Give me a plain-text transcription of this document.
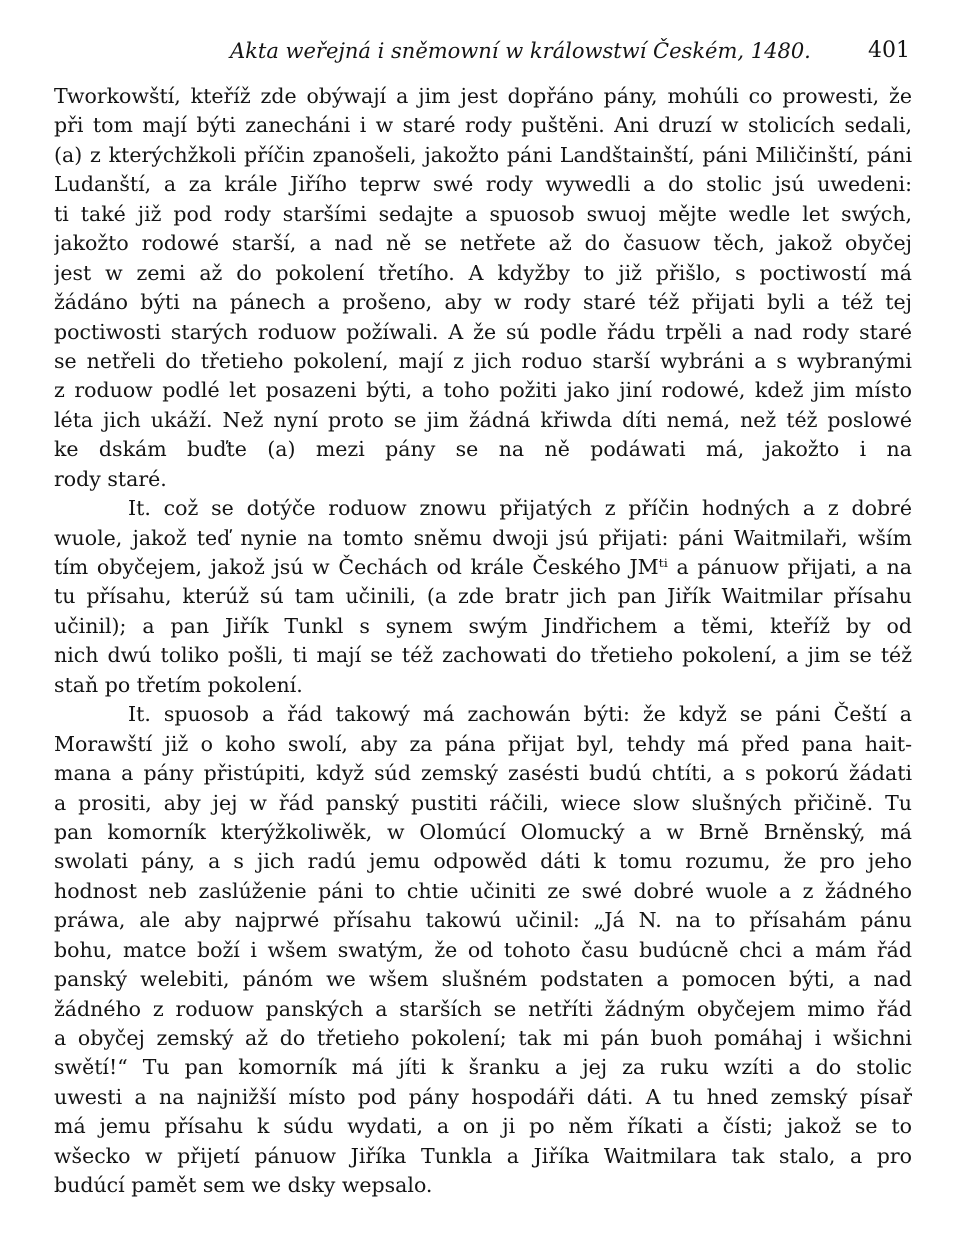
Akta weřejná i sněmowní w králowstwí Českém, 1480.	401
Tworkowští, kteříž zde obýwají a jim jest dopřáno pány, mohúli co prowesti, že
při tom mají býti zanecháni i w staré rody puštěni. Ani druzí w stolicích sedali,
(a) z kterýchžkoli příčin zpanošeli, jakožto páni Landštainští, páni Miličinští, páni
Ludanští, a za krále Jiřího teprw swé rody wywedli a do stolic jsú uwedeni:
ti také již pod rody staršími sedajte a spuosob swuoj mějte wedle let swých,
jakožto rodowé starší, a nad ně se netřete až do časuow těch, jakož obyčej
jest w zemi až do pokolení třetího. A kdyžby to již přišlo, s poctiwostí má
žádáno býti na pánech a prošeno, aby w rody staré též přijati byli a též tej
poctiwosti starých roduow požíwali. A že sú podle řádu trpěli a nad rody staré
se netřeli do třetieho pokolení, mají z jich roduo starší wybráni a s wybranými
z roduow podlé let posazeni býti, a toho požiti jako jiní rodowé, kdež jim místo
léta jich ukáží. Než nyní proto se jim žádná křiwda díti nemá, než též poslowé
ke dskám buďte (a) mezi pány se na ně podáwati má, jakožto i na
rody staré.
It. což se dotýče roduow znowu přijatých z příčin hodných a z dobré
wuole, jakož teď nynie na tomto sněmu dwoji jsú přijati: páni Waitmilaři, wším
tím obyčejem, jakož jsú w Čechách od krále Českého JMᵗⁱ a pánuow přijati, a na
tu přísahu, kterúž sú tam učinili, (a zde bratr jich pan Jiřík Waitmilar přísahu
učinil); a pan Jiřík Tunkl s synem swým Jindřichem a těmi, kteříž by od
nich dwú toliko pošli, ti mají se též zachowati do třetieho pokolení, a jim se též
staň po třetím pokolení.
It. spuosob a řád takowý má zachowán býti: že když se páni Čeští a
Morawští již o koho swolí, aby za pána přijat byl, tehdy má před pana hait-
mana a pány přistúpiti, když súd zemský zasésti budú chtíti, a s pokorú žádati
a prositi, aby jej w řád panský pustiti ráčili, wiece slow slušných přičině. Tu
pan komorník kterýžkoliwěk, w Olomúcí Olomucký a w Brně Brněnský, má
swolati pány, a s jich radú jemu odpowěd dáti k tomu rozumu, že pro jeho
hodnost neb zaslúženie páni to chtie učiniti ze swé dobré wuole a z žádného
práwa, ale aby najprwé přísahu takowú učinil: „Já N. na to přísahám pánu
bohu, matce boží i wšem swatým, že od tohoto času budúcně chci a mám řád
panský welebiti, pánóm we wšem slušném podstaten a pomocen býti, a nad
žádného z roduow panských a starších se netříti žádným obyčejem mimo řád
a obyčej zemský až do třetieho pokolení; tak mi pán buoh pomáhaj i wšichni
swětí!“ Tu pan komorník má jíti k šranku a jej za ruku wzíti a do stolic
uwesti a na najnižší místo pod pány hospodáři dáti. A tu hned zemský písař
má jemu přísahu k súdu wydati, a on ji po něm říkati a čísti; jakož se to
wšecko w přijetí pánuow Jiříka Tunkla a Jiříka Waitmilara tak stalo, a pro
budúcí pamět sem we dsky wepsalo.
